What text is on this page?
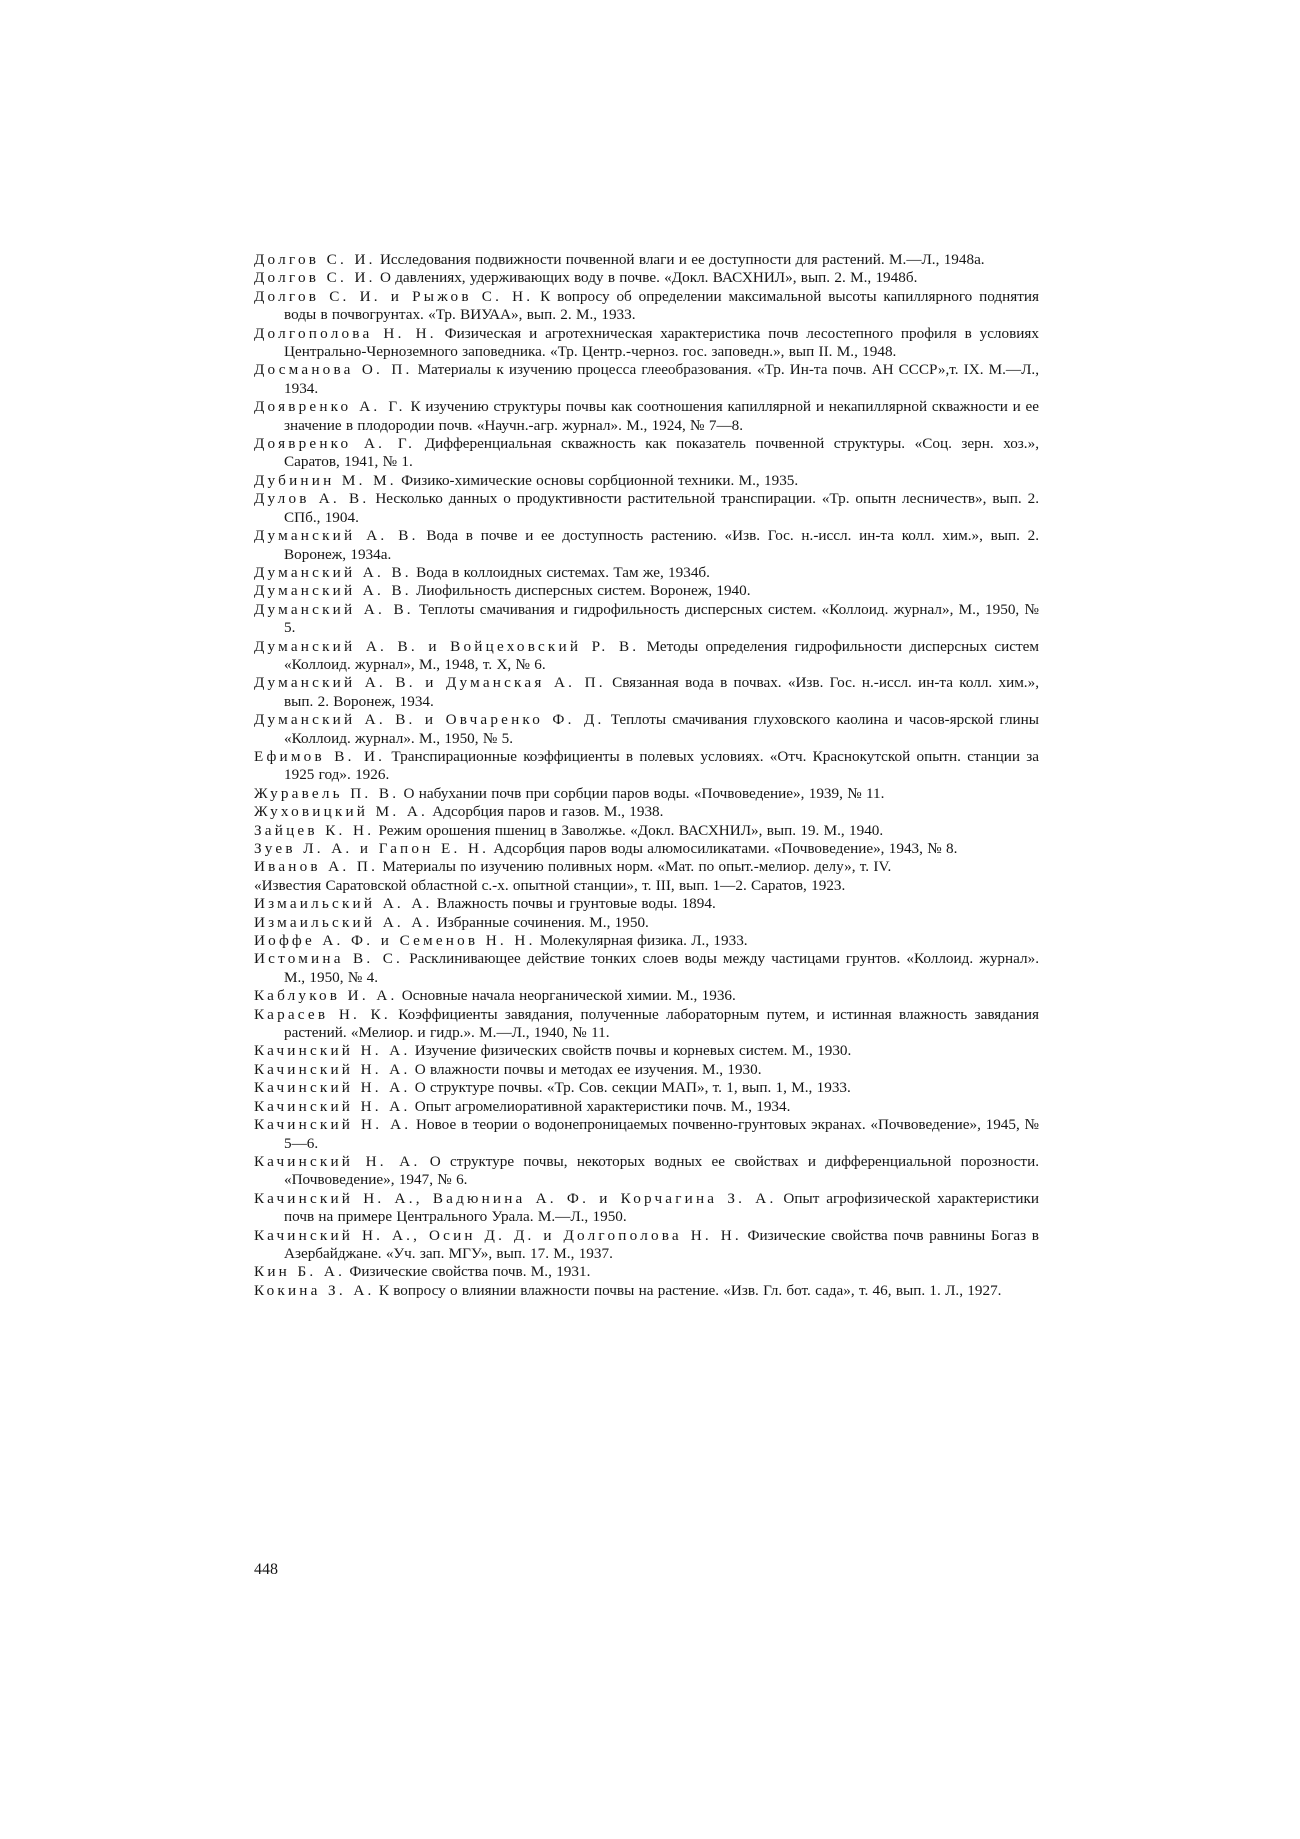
Долгов С. И. Исследования подвижности почвенной влаги и ее доступности для растений. М.—Л., 1948а.

Долгов С. И. О давлениях, удерживающих воду в почве. «Докл. ВАСХНИЛ», вып. 2. М., 1948б.

Долгов С. И. и Рыжов С. Н. К вопросу об определении максимальной высоты капиллярного поднятия воды в почвогрунтах. «Тр. ВИУАА», вып. 2. М., 1933.

Долгополова Н. Н. Физическая и агротехническая характеристика почв лесостепного профиля в условиях Центрально-Черноземного заповедника. «Тр. Центр.-черноз. гос. заповедн.», вып II. М., 1948.

Досманова О. П. Материалы к изучению процесса глееобразования. «Тр. Ин-та почв. АН СССР»,т. IX. М.—Л., 1934.

Доявренко А. Г. К изучению структуры почвы как соотношения капиллярной и некапиллярной скважности и ее значение в плодородии почв. «Научн.-агр. журнал». М., 1924, № 7—8.

Доявренко А. Г. Дифференциальная скважность как показатель почвенной структуры. «Соц. зерн. хоз.», Саратов, 1941, № 1.

Дубинин М. М. Физико-химические основы сорбционной техники. М., 1935.

Дулов А. В. Несколько данных о продуктивности растительной транспирации. «Тр. опытн лесничеств», вып. 2. СПб., 1904.

Думанский А. В. Вода в почве и ее доступность растению. «Изв. Гос. н.-иссл. ин-та колл. хим.», вып. 2. Воронеж, 1934а.

Думанский А. В. Вода в коллоидных системах. Там же, 1934б.

Думанский А. В. Лиофильность дисперсных систем. Воронеж, 1940.

Думанский А. В. Теплоты смачивания и гидрофильность дисперсных систем. «Коллоид. журнал», М., 1950, № 5.

Думанский А. В. и Войцеховский Р. В. Методы определения гидрофильности дисперсных систем «Коллоид. журнал», М., 1948, т. X, № 6.

Думанский А. В. и Думанская А. П. Связанная вода в почвах. «Изв. Гос. н.-иссл. ин-та колл. хим.», вып. 2. Воронеж, 1934.

Думанский А. В. и Овчаренко Ф. Д. Теплоты смачивания глуховского каолина и часов-ярской глины «Коллоид. журнал». М., 1950, № 5.

Ефимов В. И. Транспирационные коэффициенты в полевых условиях. «Отч. Краснокутской опытн. станции за 1925 год». 1926.

Журавель П. В. О набухании почв при сорбции паров воды. «Почвоведение», 1939, № 11.

Жуховицкий М. А. Адсорбция паров и газов. М., 1938.

Зайцев К. Н. Режим орошения пшениц в Заволжье. «Докл. ВАСХНИЛ», вып. 19. М., 1940.

Зуев Л. А. и Гапон Е. Н. Адсорбция паров воды алюмосиликатами. «Почвоведение», 1943, № 8.

Иванов А. П. Материалы по изучению поливных норм. «Мат. по опыт.-мелиор. делу», т. IV.

«Известия Саратовской областной с.-х. опытной станции», т. III, вып. 1—2. Саратов, 1923.

Измаильский А. А. Влажность почвы и грунтовые воды. 1894.

Измаильский А. А. Избранные сочинения. М., 1950.

Иоффе А. Ф. и Семенов Н. Н. Молекулярная физика. Л., 1933.

Истомина В. С. Расклинивающее действие тонких слоев воды между частицами грунтов. «Коллоид. журнал». М., 1950, № 4.

Каблуков И. А. Основные начала неорганической химии. М., 1936.

Карасев Н. К. Коэффициенты завядания, полученные лабораторным путем, и истинная влажность завядания растений. «Мелиор. и гидр.». М.—Л., 1940, № 11.

Качинский Н. А. Изучение физических свойств почвы и корневых систем. М., 1930.

Качинский Н. А. О влажности почвы и методах ее изучения. М., 1930.

Качинский Н. А. О структуре почвы. «Тр. Сов. секции МАП», т. 1, вып. 1, М., 1933.

Качинский Н. А. Опыт агромелиоративной характеристики почв. М., 1934.

Качинский Н. А. Новое в теории о водонепроницаемых почвенно-грунтовых экранах. «Почвоведение», 1945, № 5—6.

Качинский Н. А. О структуре почвы, некоторых водных ее свойствах и дифференциальной порозности. «Почвоведение», 1947, № 6.

Качинский Н. А., Вадюнина А. Ф. и Корчагина З. А. Опыт агрофизической характеристики почв на примере Центрального Урала. М.—Л., 1950.

Качинский Н. А., Осин Д. Д. и Долгополова Н. Н. Физические свойства почв равнины Богаз в Азербайджане. «Уч. зап. МГУ», вып. 17. М., 1937.

Кин Б. А. Физические свойства почв. М., 1931.

Кокина З. А. К вопросу о влиянии влажности почвы на растение. «Изв. Гл. бот. сада», т. 46, вып. 1. Л., 1927.

448
